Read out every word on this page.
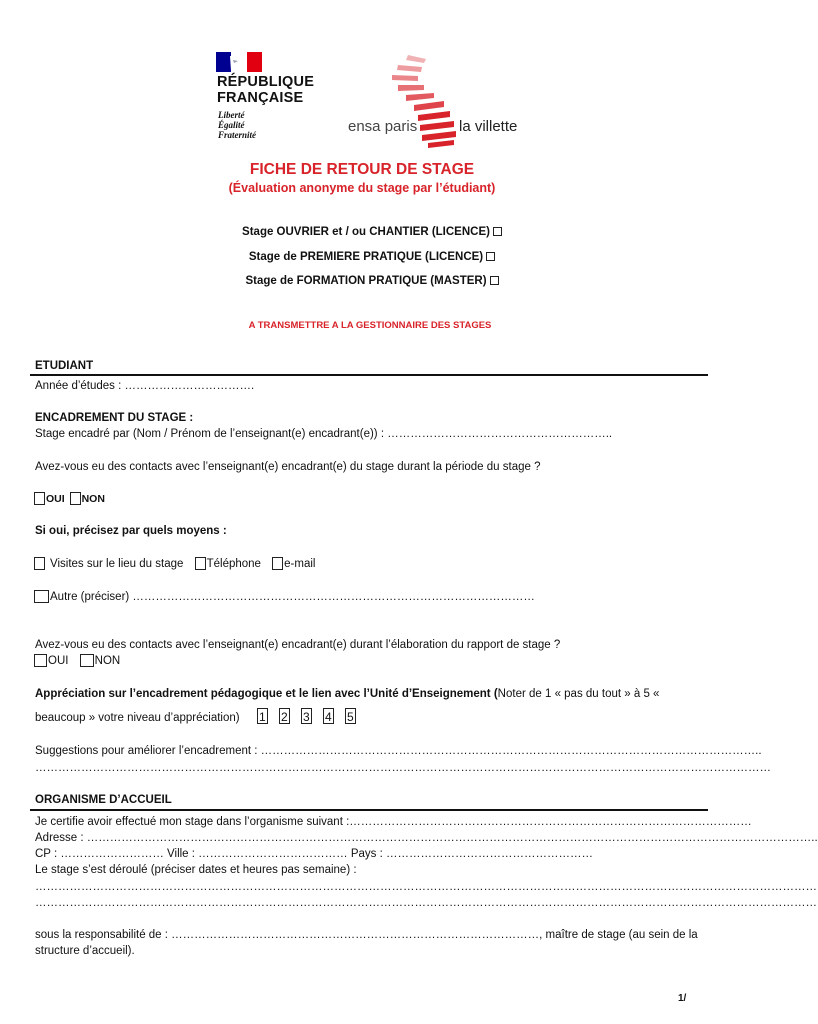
RÉPUBLIQUE
FRANÇAISE
Liberté
Égalité
Fraternité	ensa paris	la villette
FICHE DE RETOUR DE STAGE
(Évaluation anonyme du stage par l’étudiant)
Stage OUVRIER et / ou CHANTIER (LICENCE)
Stage de PREMIERE PRATIQUE (LICENCE)
Stage de FORMATION PRATIQUE (MASTER)
A TRANSMETTRE A LA GESTIONNAIRE DES STAGES
ETUDIANT
Année d’études : …………………………….
ENCADREMENT DU STAGE :
Stage encadré par (Nom / Prénom de l’enseignant(e) encadrant(e)) : …………………………………………………..
Avez-vous eu des contacts avec l’enseignant(e) encadrant(e) du stage durant la période du stage ?
OUI NON
Si oui, précisez par quels moyens :
Visites sur le lieu du stage Téléphone e-mail
Autre (préciser) ……………………………………………………………………………………………
Avez-vous eu des contacts avec l’enseignant(e) encadrant(e) durant l’élaboration du rapport de stage ?
OUI NON
Appréciation sur l’encadrement pédagogique et le lien avec l’Unité d’Enseignement (Noter de 1 « pas du tout » à 5 «
beaucoup » votre niveau d’appréciation) 1 2 3 4 5
Suggestions pour améliorer l’encadrement : …………………………………………………………………………………………………………………..
…………………………………………………………………………………………………………………………………………………………………………
ORGANISME D’ACCUEIL
Je certifie avoir effectué mon stage dans l’organisme suivant :……………………………………………………………………………………………
Adresse : ………………………………………………………………………………………………………………………………………………………………………..
CP : ……………………… Ville : ………………………………… Pays : ………………………………………………
Le stage s’est déroulé (préciser dates et heures pas semaine) :
……………………………………………………………………………………………………………………………………………………………………………………
……………………………………………………………………………………………………………………………………………………………………………………
sous la responsabilité de : ……………………………………………………………………………………, maître de stage (au sein de la
structure d’accueil).
1/
